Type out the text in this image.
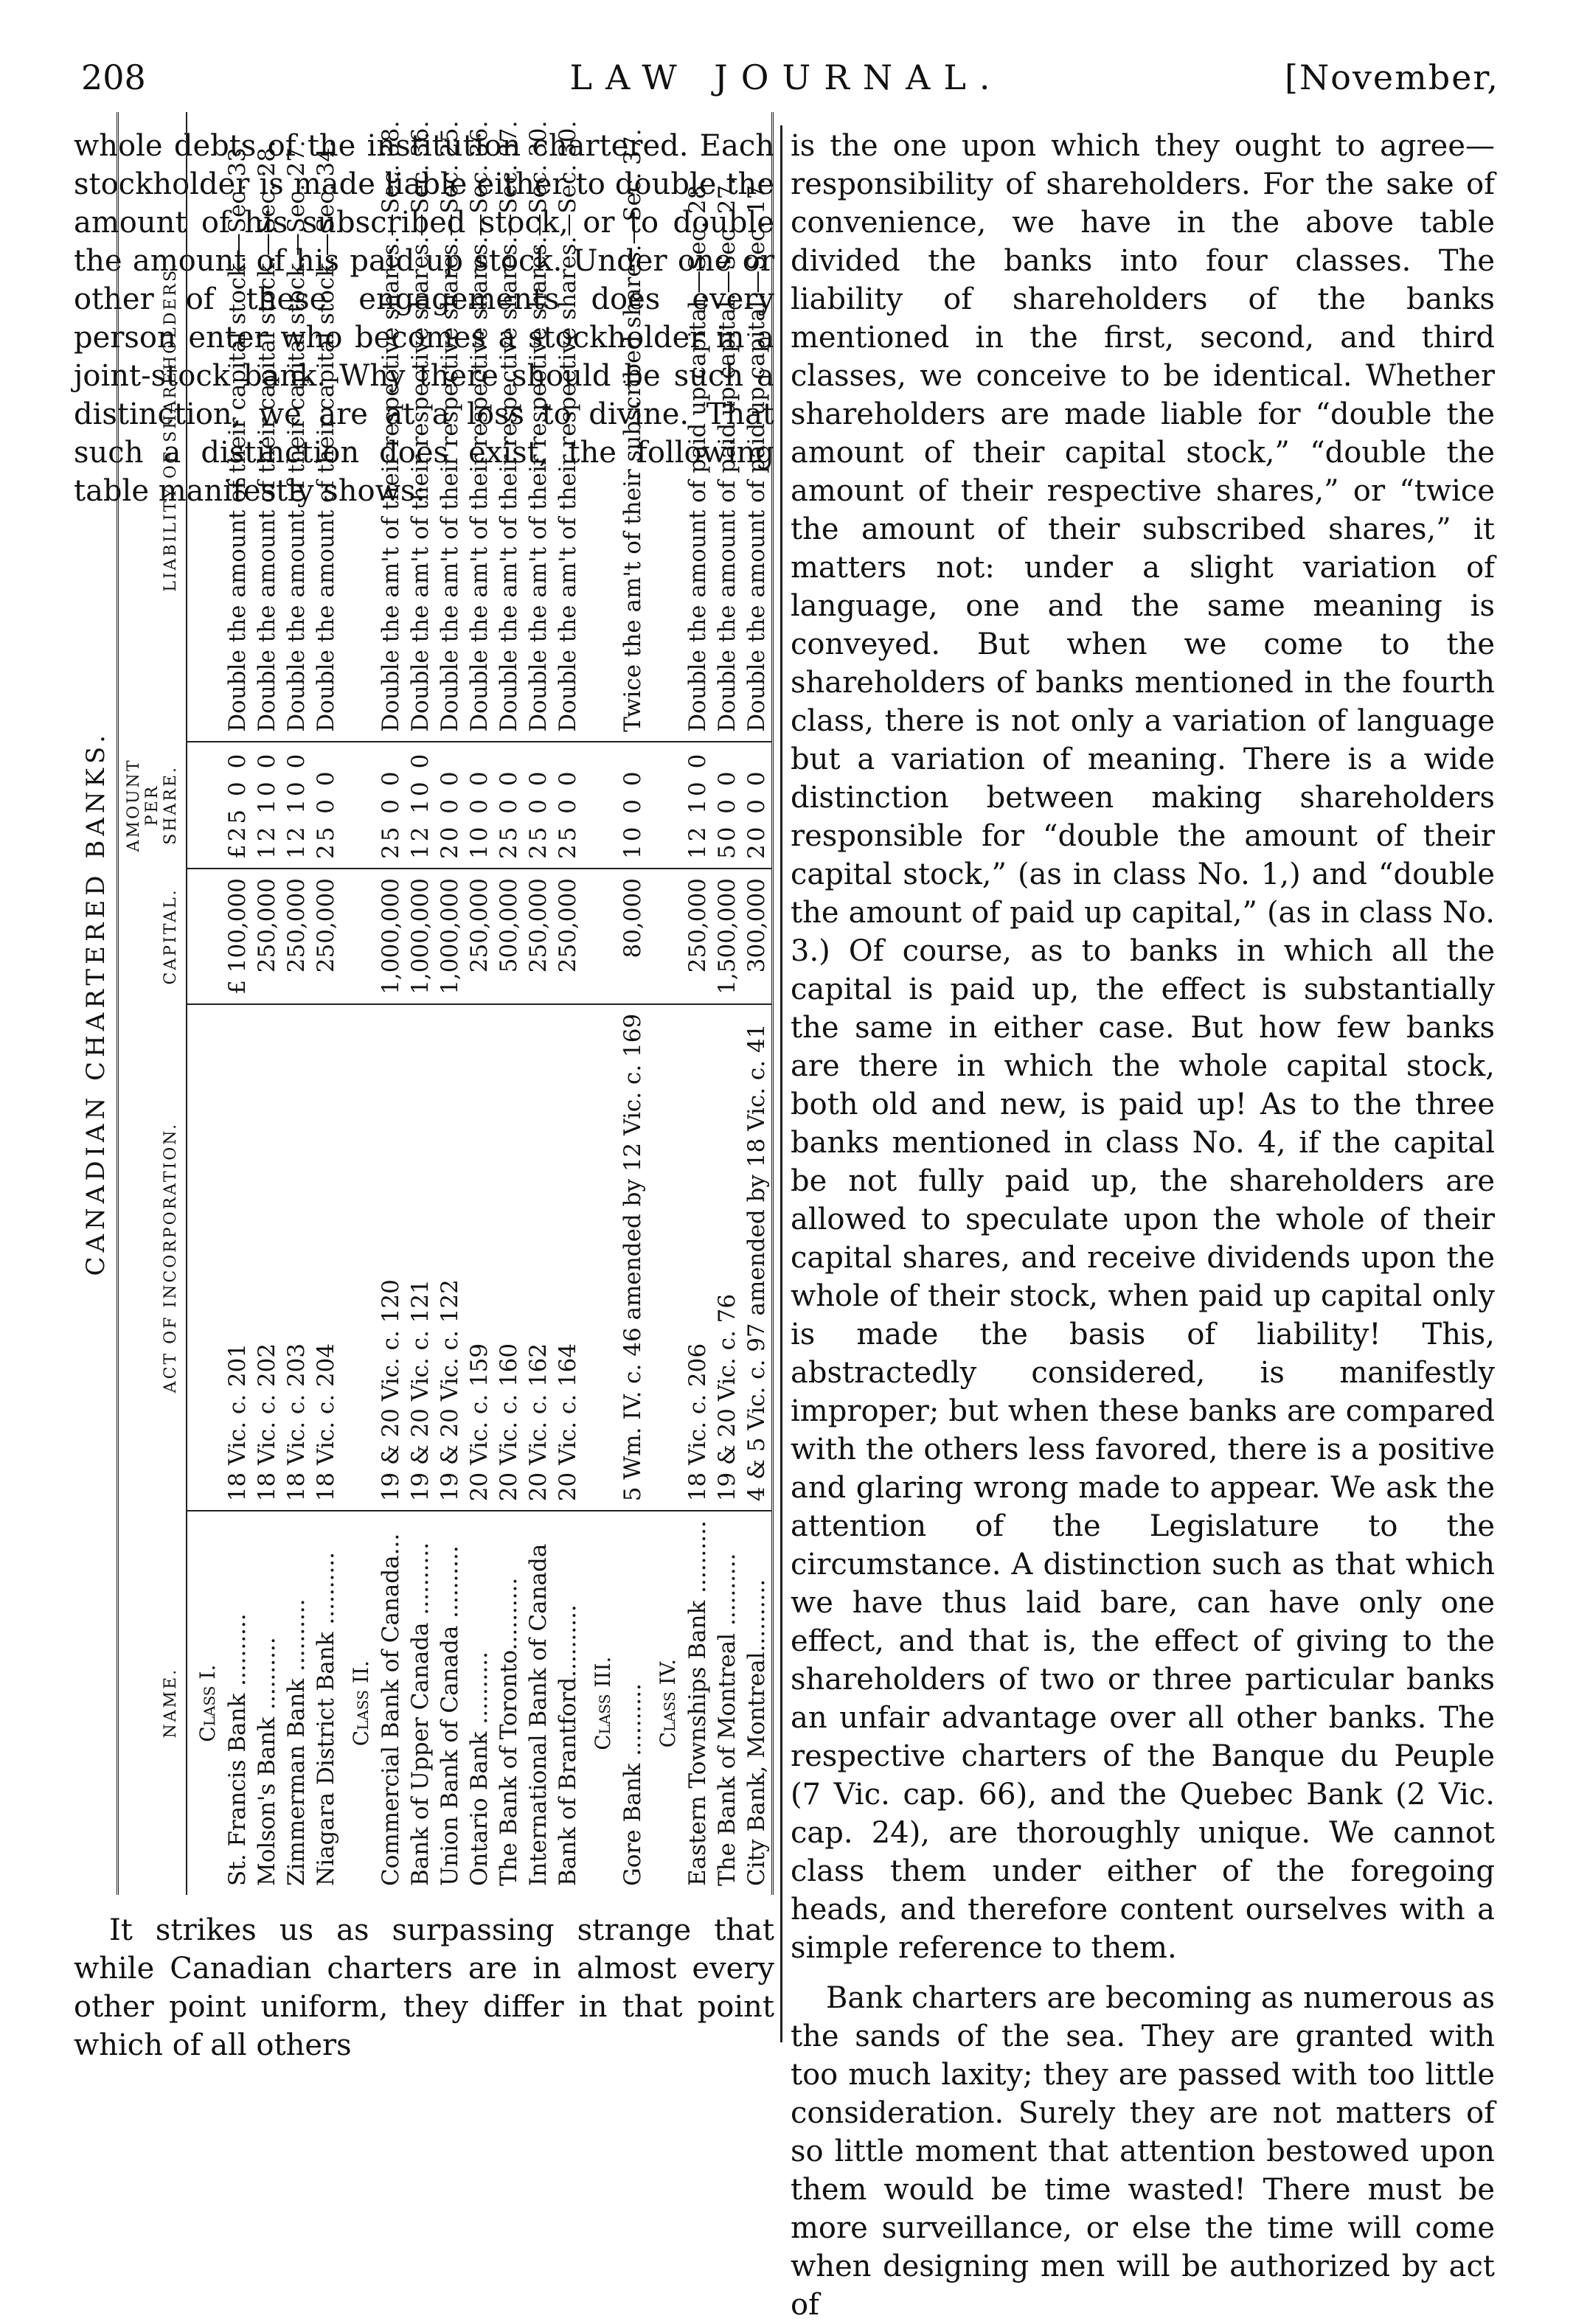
208	LAW JOURNAL.	[November,

whole debts of the institution chartered. Each stockholder is made liable either to double the amount of his subscribed stock, or to double the amount of his paid up stock. Under one or other of these engagements does every person enter who becomes a stockholder in a joint-stock bank. Why there should be such a distinction, we are at a loss to divine. That such a distinction does exist, the following table manifestly shows:

CANADIAN CHARTERED BANKS.
NAME.	ACT OF INCORPORATION.	CAPITAL.	AMOUNT PER SHARE.	LIABILITY OF SHAREHOLDERS.
Class I.				
St. Francis Bank ..........	18 Vic. c. 201	£ 100,000	£25 0 0	Double the amount of their capital stock.—Sec. 33.
Molson's Bank ..........	18 Vic. c. 202	250,000	12 10 0	Double the amount of their capital stock.—Sec. 28.
Zimmerman Bank ..........	18 Vic. c. 203	250,000	12 10 0	Double the amount of their capital stock.—Sec. 27.
Niagara District Bank ..........	18 Vic. c. 204	250,000	25 0 0	Double the amount of their capital stock.—Sec. 34.
Class II.				
Commercial Bank of Canada...	19 & 20 Vic. c. 120	1,000,000	25 0 0	Double the am't of their respective shares.—Sec. 38.
Bank of Upper Canada ..........	19 & 20 Vic. c. 121	1,000,000	12 10 0	Double the am't of their respective shares.—Sec. 36.
Union Bank of Canada ..........	19 & 20 Vic. c. 122	1,000,000	20 0 0	Double the am't of their respective shares.—Sec. 25.
Ontario Bank ..........	20 Vic. c. 159	250,000	10 0 0	Double the am't of their respective shares.—Sec. 36.
The Bank of Toronto..........	20 Vic. c. 160	500,000	25 0 0	Double the am't of their respective shares.—Sec. 37.
International Bank of Canada	20 Vic. c. 162	250,000	25 0 0	Double the am't of their respective shares.—Sec. 30.
Bank of Brantford..........	20 Vic. c. 164	250,000	25 0 0	Double the am't of their respective shares.—Sec. 30.
Class III.				
Gore Bank ..........	5 Wm. IV. c. 46 amended by 12 Vic. c. 169	80,000	10 0 0	Twice the am't of their subscribed shares.—Sec. 37.
Class IV.				
Eastern Townships Bank ..........	18 Vic. c. 206	250,000	12 10 0	Double the amount of paid up capital.—Sec. 28.
The Bank of Montreal ..........	19 & 20 Vic. c. 76	1,500,000	50 0 0	Double the amount of paid up capital.—Sec. 27.
City Bank, Montreal..........	4 & 5 Vic. c. 97 amended by 18 Vic. c. 41	300,000	20 0 0	Double the amount of paid up capital.—Sec. 17.

It strikes us as surpassing strange that while Canadian charters are in almost every other point uniform, they differ in that point which of all others

is the one upon which they ought to agree—responsibility of shareholders. For the sake of convenience, we have in the above table divided the banks into four classes. The liability of shareholders of the banks mentioned in the first, second, and third classes, we conceive to be identical. Whether shareholders are made liable for “double the amount of their capital stock,” “double the amount of their respective shares,” or “twice the amount of their subscribed shares,” it matters not: under a slight variation of language, one and the same meaning is conveyed. But when we come to the shareholders of banks mentioned in the fourth class, there is not only a variation of language but a variation of meaning. There is a wide distinction between making shareholders responsible for “double the amount of their capital stock,” (as in class No. 1,) and “double the amount of paid up capital,” (as in class No. 3.) Of course, as to banks in which all the capital is paid up, the effect is substantially the same in either case. But how few banks are there in which the whole capital stock, both old and new, is paid up! As to the three banks mentioned in class No. 4, if the capital be not fully paid up, the shareholders are allowed to speculate upon the whole of their capital shares, and receive dividends upon the whole of their stock, when paid up capital only is made the basis of liability! This, abstractedly considered, is manifestly improper; but when these banks are compared with the others less favored, there is a positive and glaring wrong made to appear. We ask the attention of the Legislature to the circumstance. A distinction such as that which we have thus laid bare, can have only one effect, and that is, the effect of giving to the shareholders of two or three particular banks an unfair advantage over all other banks. The respective charters of the Banque du Peuple (7 Vic. cap. 66), and the Quebec Bank (2 Vic. cap. 24), are thoroughly unique. We cannot class them under either of the foregoing heads, and therefore content ourselves with a simple reference to them.

Bank charters are becoming as numerous as the sands of the sea. They are granted with too much laxity; they are passed with too little consideration. Surely they are not matters of so little moment that attention bestowed upon them would be time wasted! There must be more surveillance, or else the time will come when designing men will be authorized by act of
